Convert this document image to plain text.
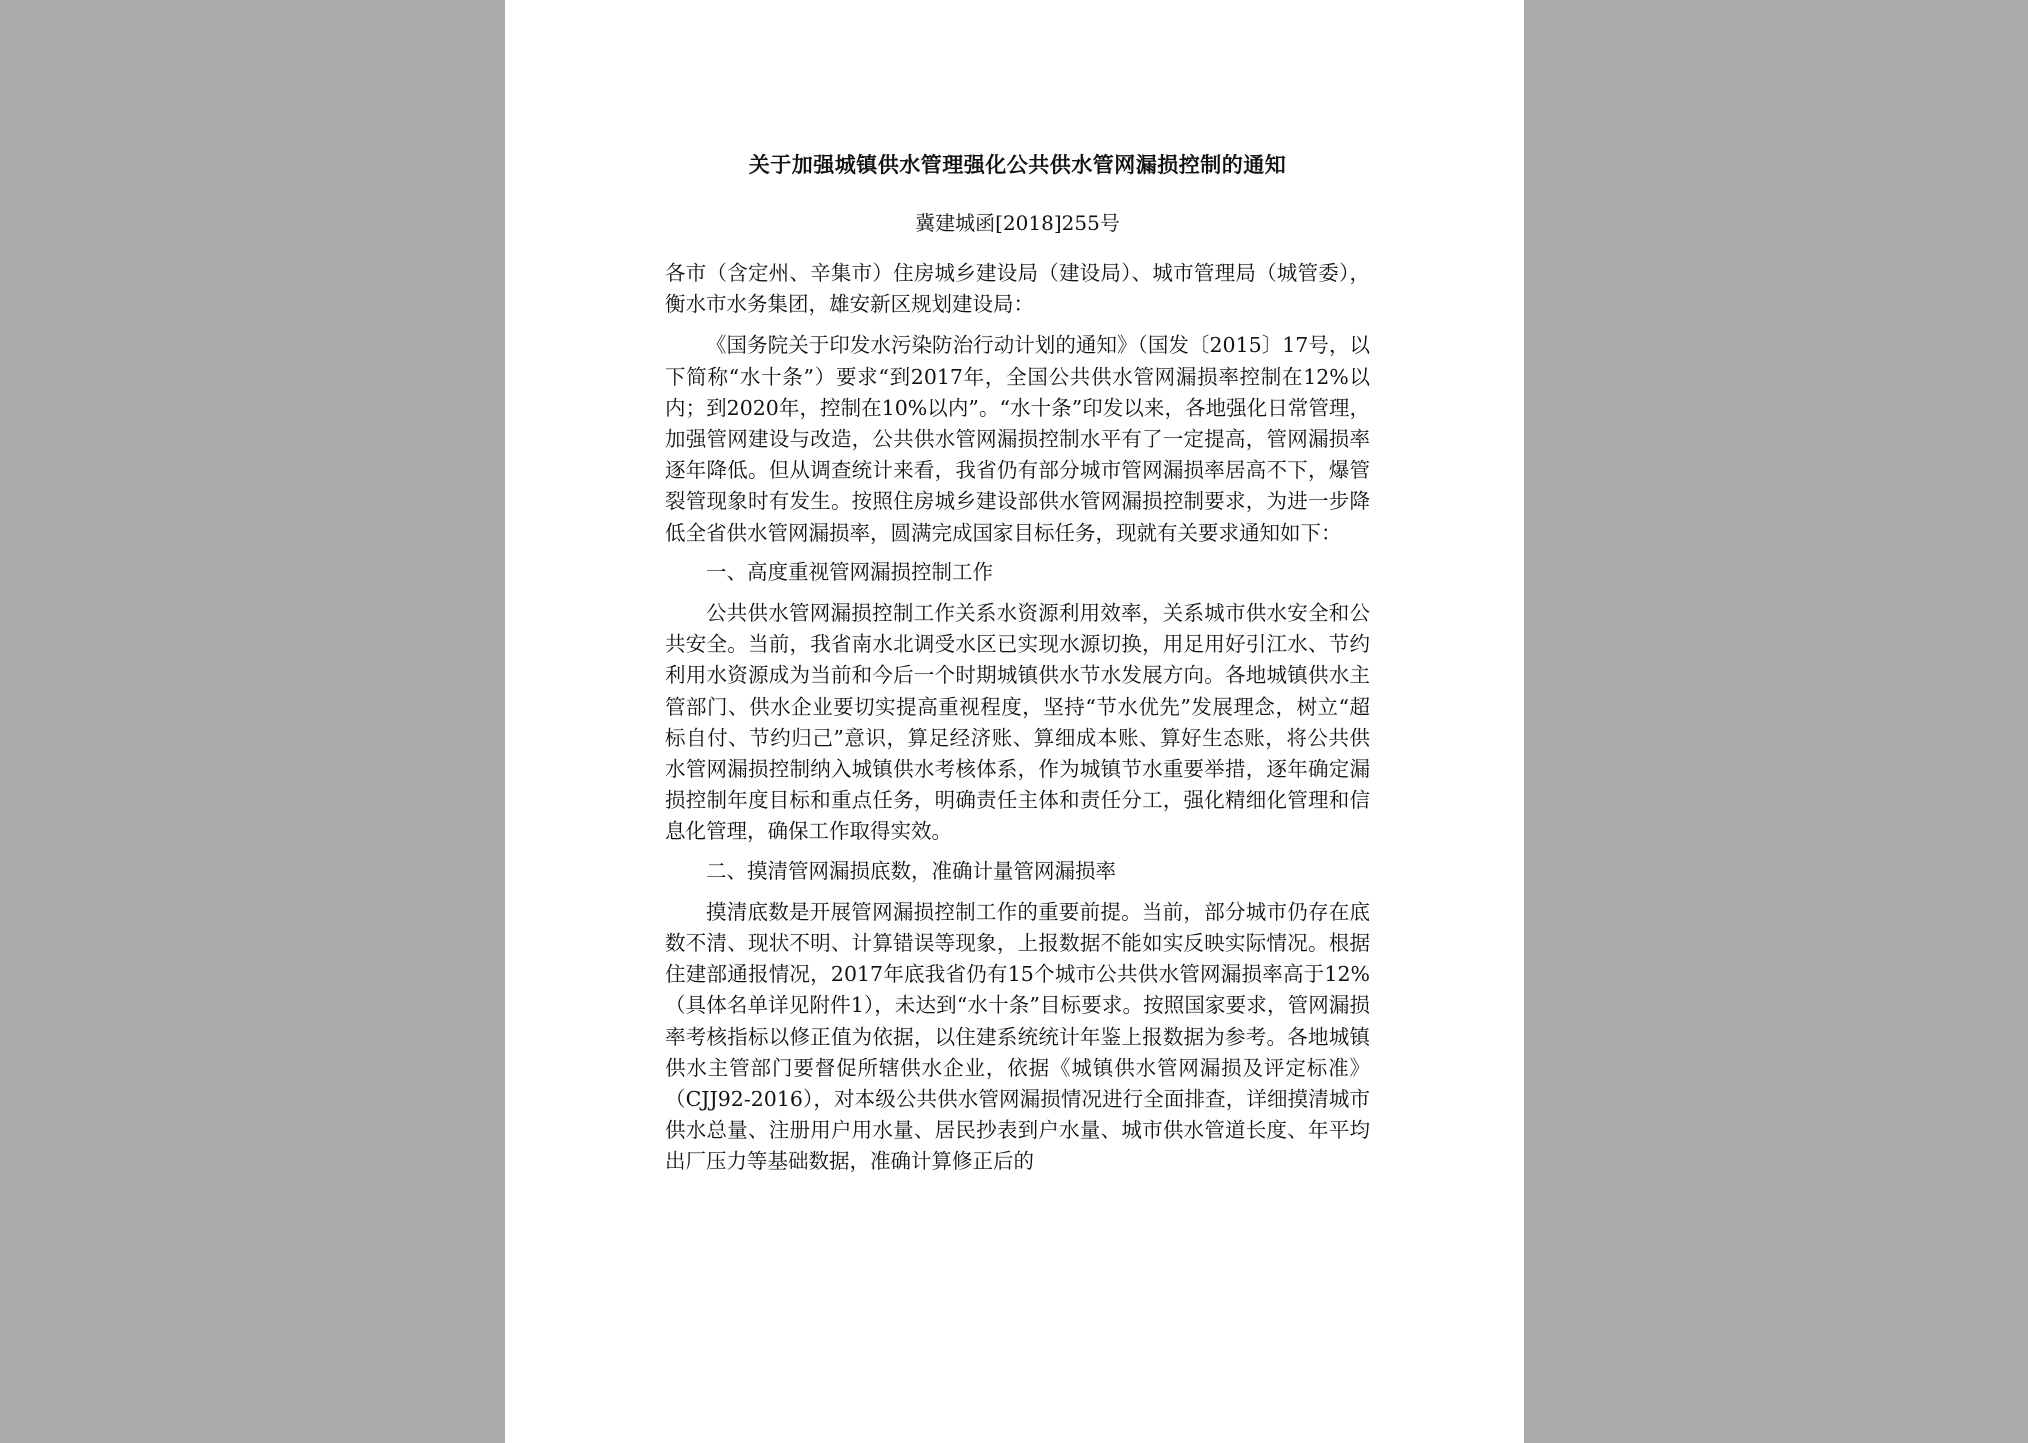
关于加强城镇供水管理强化公共供水管网漏损控制的通知
冀建城函[2018]255号

各市（含定州、辛集市）住房城乡建设局（建设局）、城市管理局（城管委），衡水市水务集团，雄安新区规划建设局：

《国务院关于印发水污染防治行动计划的通知》（国发〔2015〕17号，以下简称“水十条”）要求“到2017年，全国公共供水管网漏损率控制在12%以内；到2020年，控制在10%以内”。“水十条”印发以来，各地强化日常管理，加强管网建设与改造，公共供水管网漏损控制水平有了一定提高，管网漏损率逐年降低。但从调查统计来看，我省仍有部分城市管网漏损率居高不下，爆管裂管现象时有发生。按照住房城乡建设部供水管网漏损控制要求，为进一步降低全省供水管网漏损率，圆满完成国家目标任务，现就有关要求通知如下：

一、高度重视管网漏损控制工作

公共供水管网漏损控制工作关系水资源利用效率，关系城市供水安全和公共安全。当前，我省南水北调受水区已实现水源切换，用足用好引江水、节约利用水资源成为当前和今后一个时期城镇供水节水发展方向。各地城镇供水主管部门、供水企业要切实提高重视程度，坚持“节水优先”发展理念，树立“超标自付、节约归己”意识，算足经济账、算细成本账、算好生态账，将公共供水管网漏损控制纳入城镇供水考核体系，作为城镇节水重要举措，逐年确定漏损控制年度目标和重点任务，明确责任主体和责任分工，强化精细化管理和信息化管理，确保工作取得实效。

二、摸清管网漏损底数，准确计量管网漏损率

摸清底数是开展管网漏损控制工作的重要前提。当前，部分城市仍存在底数不清、现状不明、计算错误等现象，上报数据不能如实反映实际情况。根据住建部通报情况，2017年底我省仍有15个城市公共供水管网漏损率高于12%（具体名单详见附件1），未达到“水十条”目标要求。按照国家要求，管网漏损率考核指标以修正值为依据，以住建系统统计年鉴上报数据为参考。各地城镇供水主管部门要督促所辖供水企业，依据《城镇供水管网漏损及评定标准》（CJJ92-2016），对本级公共供水管网漏损情况进行全面排查，详细摸清城市供水总量、注册用户用水量、居民抄表到户水量、城市供水管道长度、年平均出厂压力等基础数据，准确计算修正后的
